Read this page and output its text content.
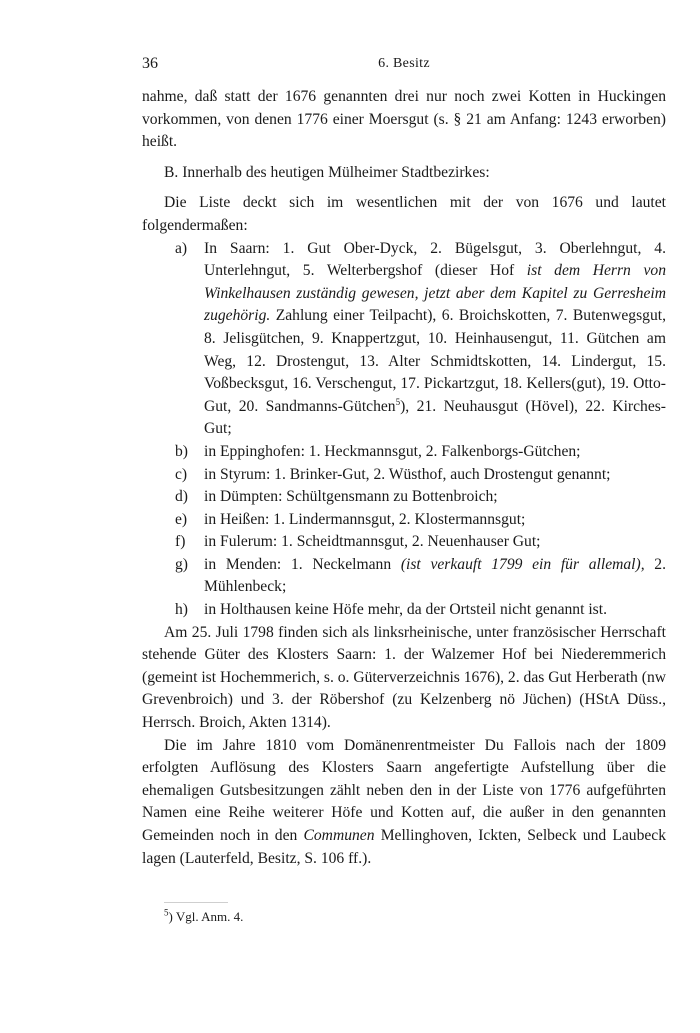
36	6. Besitz

nahme, daß statt der 1676 genannten drei nur noch zwei Kotten in Huckingen vorkommen, von denen 1776 einer Moersgut (s. § 21 am Anfang: 1243 erworben) heißt.

B. Innerhalb des heutigen Mülheimer Stadtbezirkes:

Die Liste deckt sich im wesentlichen mit der von 1676 und lautet folgendermaßen:

a) In Saarn: 1. Gut Ober-Dyck, 2. Bügelsgut, 3. Oberlehngut, 4. Unterlehngut, 5. Welterbergshof (dieser Hof ist dem Herrn von Winkelhausen zuständig gewesen, jetzt aber dem Kapitel zu Gerresheim zugehörig. Zahlung einer Teilpacht), 6. Broichskotten, 7. Butenwegsgut, 8. Jelisgütchen, 9. Knappertzgut, 10. Heinhausengut, 11. Gütchen am Weg, 12. Drostengut, 13. Alter Schmidtskotten, 14. Lindergut, 15. Voßbecksgut, 16. Verschengut, 17. Pickartzgut, 18. Kellers(gut), 19. Otto-Gut, 20. Sandmanns-Gütchen$^5$), 21. Neuhausgut (Hövel), 22. Kirches-Gut;
b) in Eppinghofen: 1. Heckmannsgut, 2. Falkenborgs-Gütchen;
c) in Styrum: 1. Brinker-Gut, 2. Wüsthof, auch Drostengut genannt;
d) in Dümpten: Schültgensmann zu Bottenbroich;
e) in Heißen: 1. Lindermannsgut, 2. Klostermannsgut;
f) in Fulerum: 1. Scheidtmannsgut, 2. Neuenhauser Gut;
g) in Menden: 1. Neckelmann (ist verkauft 1799 ein für allemal), 2. Mühlenbeck;
h) in Holthausen keine Höfe mehr, da der Ortsteil nicht genannt ist.

Am 25. Juli 1798 finden sich als linksrheinische, unter französischer Herrschaft stehende Güter des Klosters Saarn: 1. der Walzemer Hof bei Niederemmerich (gemeint ist Hochemmerich, s. o. Güterverzeichnis 1676), 2. das Gut Herberath (nw Grevenbroich) und 3. der Röbershof (zu Kelzenberg nö Jüchen) (HStA Düss., Herrsch. Broich, Akten 1314).

Die im Jahre 1810 vom Domänenrentmeister Du Fallois nach der 1809 erfolgten Auflösung des Klosters Saarn angefertigte Aufstellung über die ehemaligen Gutsbesitzungen zählt neben den in der Liste von 1776 aufgeführten Namen eine Reihe weiterer Höfe und Kotten auf, die außer in den genannten Gemeinden noch in den Communen Mellinghoven, Ickten, Selbeck und Laubeck lagen (Lauterfeld, Besitz, S. 106 ff.).

$^5$) Vgl. Anm. 4.
